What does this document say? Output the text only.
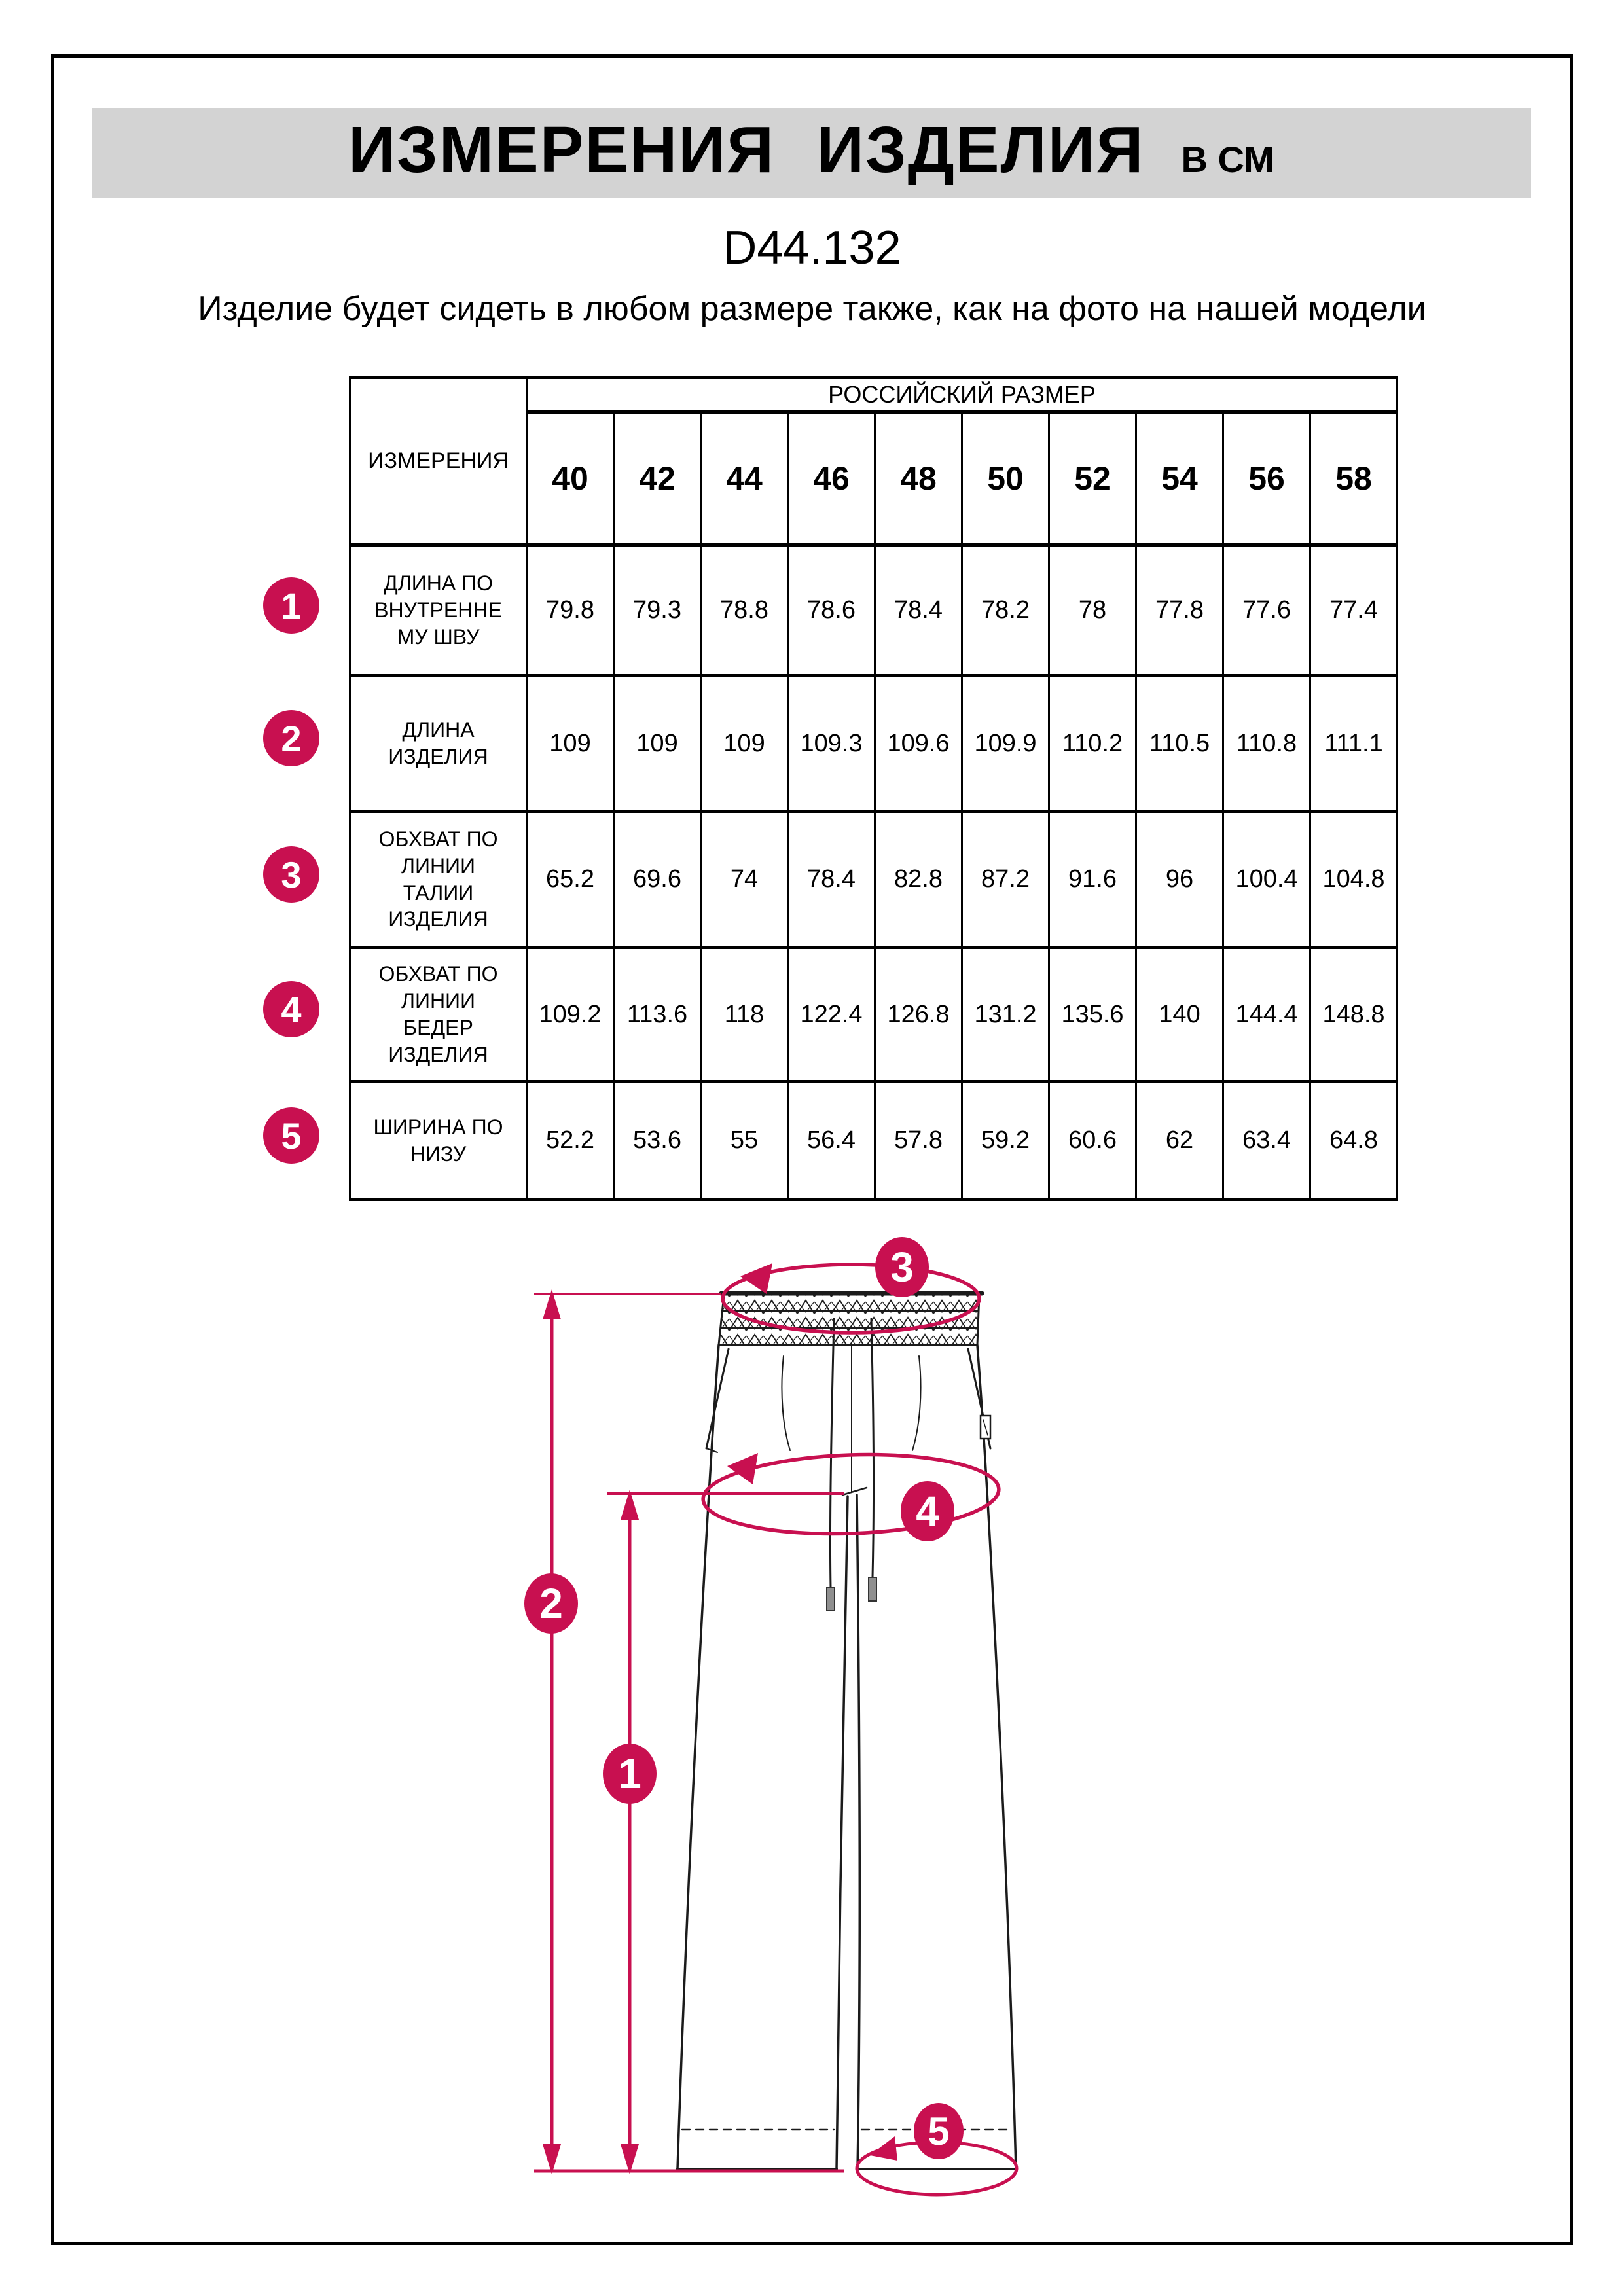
ИЗМЕРЕНИЯ ИЗДЕЛИЯ В СМ
D44.132
Изделие будет сидеть в любом размере также, как на фото на нашей модели
ИЗМЕРЕНИЯ	РОССИЙСКИЙ РАЗМЕР									
	40	42	44	46	48	50	52	54	56	58
ДЛИНА ПО
ВНУТРЕННЕ
МУ ШВУ	79.8	79.3	78.8	78.6	78.4	78.2	78	77.8	77.6	77.4
ДЛИНА
ИЗДЕЛИЯ	109	109	109	109.3	109.6	109.9	110.2	110.5	110.8	111.1
ОБХВАТ ПО
ЛИНИИ
ТАЛИИ
ИЗДЕЛИЯ	65.2	69.6	74	78.4	82.8	87.2	91.6	96	100.4	104.8
ОБХВАТ ПО
ЛИНИИ
БЕДЕР
ИЗДЕЛИЯ	109.2	113.6	118	122.4	126.8	131.2	135.6	140	144.4	148.8
ШИРИНА ПО
НИЗУ	52.2	53.6	55	56.4	57.8	59.2	60.6	62	63.4	64.8
1
2
3
4
5
1
2
3
4
5
